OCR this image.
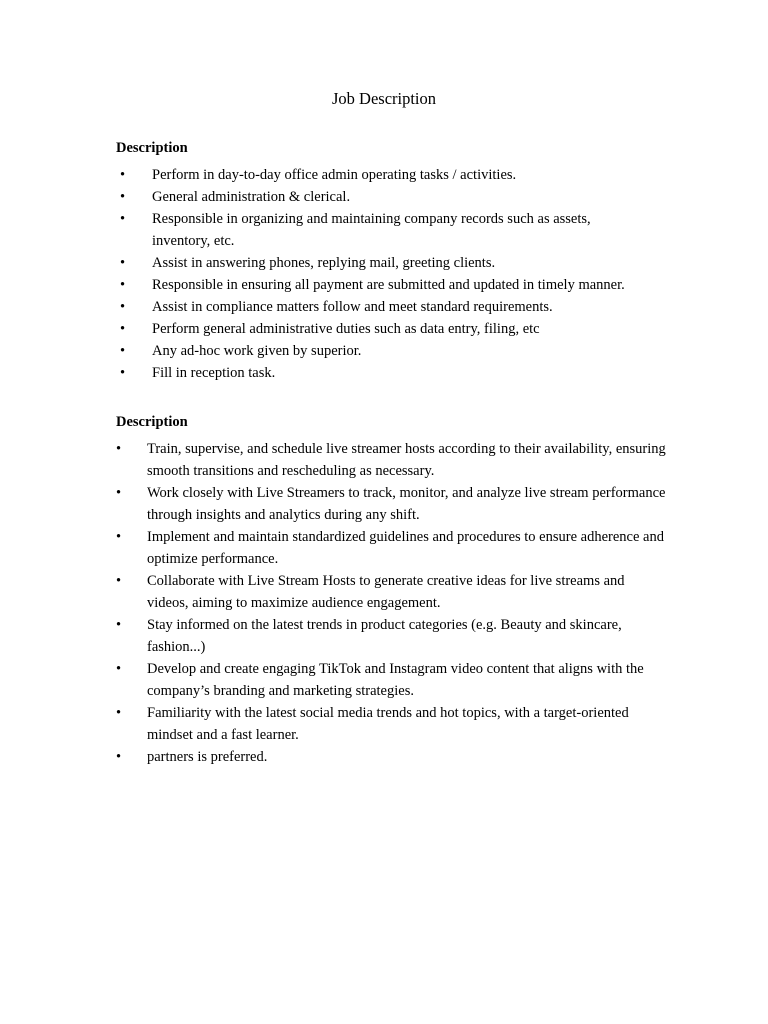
Job Description
Description
• Perform in day-to-day office admin operating tasks / activities.
• General administration & clerical.
• Responsible in organizing and maintaining company records such as assets, inventory, etc.
• Assist in answering phones, replying mail, greeting clients.
• Responsible in ensuring all payment are submitted and updated in timely manner.
• Assist in compliance matters follow and meet standard requirements.
• Perform general administrative duties such as data entry, filing, etc
• Any ad-hoc work given by superior.
• Fill in reception task.
Description
• Train, supervise, and schedule live streamer hosts according to their availability, ensuring smooth transitions and rescheduling as necessary.
• Work closely with Live Streamers to track, monitor, and analyze live stream performance through insights and analytics during any shift.
• Implement and maintain standardized guidelines and procedures to ensure adherence and optimize performance.
• Collaborate with Live Stream Hosts to generate creative ideas for live streams and videos, aiming to maximize audience engagement.
• Stay informed on the latest trends in product categories (e.g. Beauty and skincare, fashion...)
• Develop and create engaging TikTok and Instagram video content that aligns with the company’s branding and marketing strategies.
• Familiarity with the latest social media trends and hot topics, with a target-oriented mindset and a fast learner.
• partners is preferred.
